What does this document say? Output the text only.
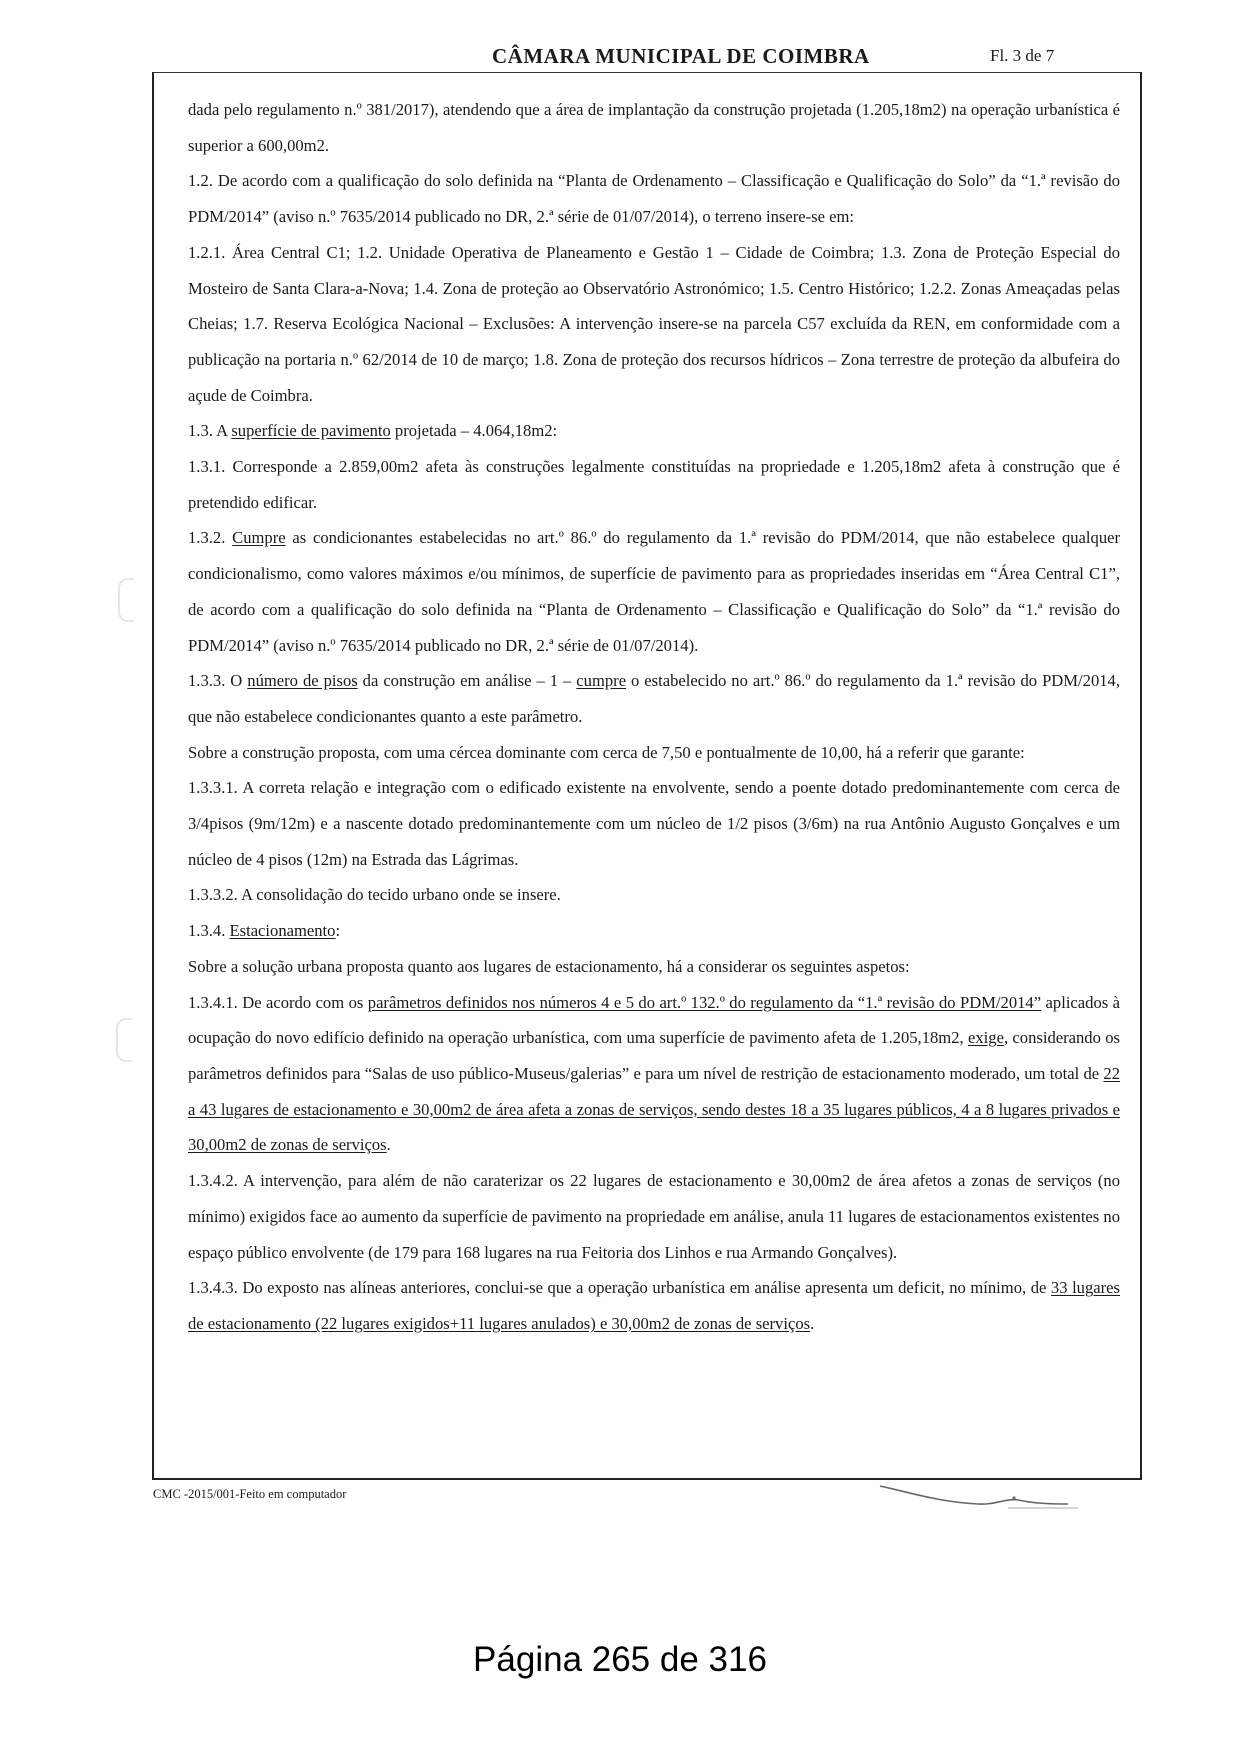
CÂMARA MUNICIPAL DE COIMBRA	Fl. 3 de 7

dada pelo regulamento n.º 381/2017), atendendo que a área de implantação da construção projetada (1.205,18m2) na operação urbanística é superior a 600,00m2.

1.2. De acordo com a qualificação do solo definida na “Planta de Ordenamento – Classificação e Qualificação do Solo” da “1.ª revisão do PDM/2014” (aviso n.º 7635/2014 publicado no DR, 2.ª série de 01/07/2014), o terreno insere-se em:

1.2.1. Área Central C1; 1.2. Unidade Operativa de Planeamento e Gestão 1 – Cidade de Coimbra; 1.3. Zona de Proteção Especial do Mosteiro de Santa Clara-a-Nova; 1.4. Zona de proteção ao Observatório Astronómico; 1.5. Centro Histórico; 1.2.2. Zonas Ameaçadas pelas Cheias; 1.7. Reserva Ecológica Nacional – Exclusões: A intervenção insere-se na parcela C57 excluída da REN, em conformidade com a publicação na portaria n.º 62/2014 de 10 de março; 1.8. Zona de proteção dos recursos hídricos – Zona terrestre de proteção da albufeira do açude de Coimbra.

1.3. A superfície de pavimento projetada – 4.064,18m2:

1.3.1. Corresponde a 2.859,00m2 afeta às construções legalmente constituídas na propriedade e 1.205,18m2 afeta à construção que é pretendido edificar.

1.3.2. Cumpre as condicionantes estabelecidas no art.º 86.º do regulamento da 1.ª revisão do PDM/2014, que não estabelece qualquer condicionalismo, como valores máximos e/ou mínimos, de superfície de pavimento para as propriedades inseridas em “Área Central C1”, de acordo com a qualificação do solo definida na “Planta de Ordenamento – Classificação e Qualificação do Solo” da “1.ª revisão do PDM/2014” (aviso n.º 7635/2014 publicado no DR, 2.ª série de 01/07/2014).

1.3.3. O número de pisos da construção em análise – 1 – cumpre o estabelecido no art.º 86.º do regulamento da 1.ª revisão do PDM/2014, que não estabelece condicionantes quanto a este parâmetro.

Sobre a construção proposta, com uma cércea dominante com cerca de 7,50 e pontualmente de 10,00, há a referir que garante:

1.3.3.1. A correta relação e integração com o edificado existente na envolvente, sendo a poente dotado predominantemente com cerca de 3/4pisos (9m/12m) e a nascente dotado predominantemente com um núcleo de 1/2 pisos (3/6m) na rua Antônio Augusto Gonçalves e um núcleo de 4 pisos (12m) na Estrada das Lágrimas.

1.3.3.2. A consolidação do tecido urbano onde se insere.

1.3.4. Estacionamento:

Sobre a solução urbana proposta quanto aos lugares de estacionamento, há a considerar os seguintes aspetos:

1.3.4.1. De acordo com os parâmetros definidos nos números 4 e 5 do art.º 132.º do regulamento da “1.ª revisão do PDM/2014” aplicados à ocupação do novo edifício definido na operação urbanística, com uma superfície de pavimento afeta de 1.205,18m2, exige, considerando os parâmetros definidos para “Salas de uso público-Museus/galerias” e para um nível de restrição de estacionamento moderado, um total de 22 a 43 lugares de estacionamento e 30,00m2 de área afeta a zonas de serviços, sendo destes 18 a 35 lugares públicos, 4 a 8 lugares privados e 30,00m2 de zonas de serviços.

1.3.4.2. A intervenção, para além de não caraterizar os 22 lugares de estacionamento e 30,00m2 de área afetos a zonas de serviços (no mínimo) exigidos face ao aumento da superfície de pavimento na propriedade em análise, anula 11 lugares de estacionamentos existentes no espaço público envolvente (de 179 para 168 lugares na rua Feitoria dos Linhos e rua Armando Gonçalves).

1.3.4.3. Do exposto nas alíneas anteriores, conclui-se que a operação urbanística em análise apresenta um deficit, no mínimo, de 33 lugares de estacionamento (22 lugares exigidos+11 lugares anulados) e 30,00m2 de zonas de serviços.

CMC -2015/001-Feito em computador
Página 265 de 316
